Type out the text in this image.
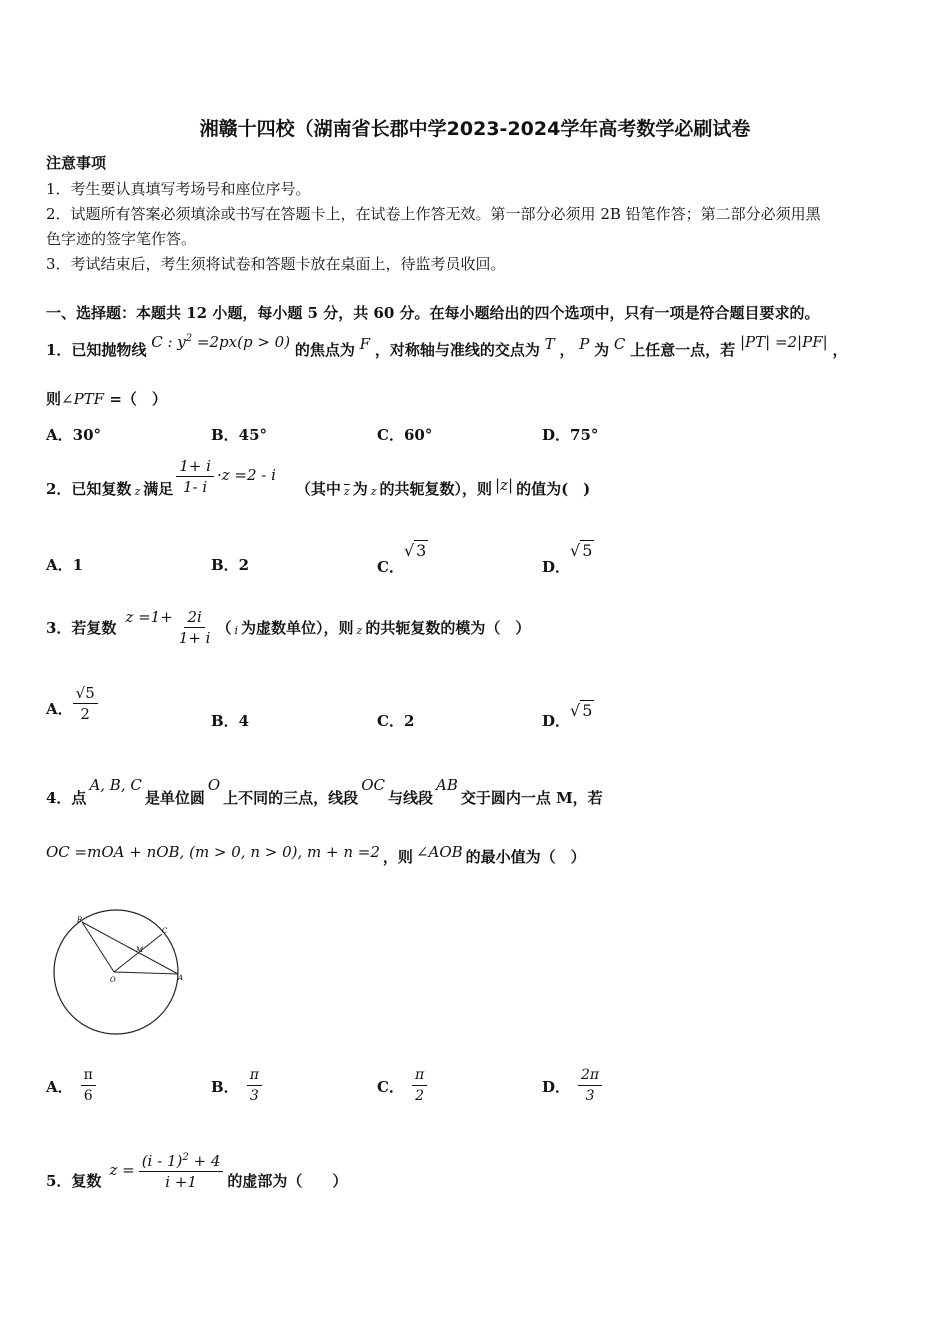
湘赣十四校（湖南省长郡中学2023-2024学年高考数学必刷试卷
注意事项
1．考生要认真填写考场号和座位序号。
2．试题所有答案必须填涂或书写在答题卡上，在试卷上作答无效。第一部分必须用 2B 铅笔作答；第二部分必须用黑
色字迹的签字笔作答。
3．考试结束后，考生须将试卷和答题卡放在桌面上，待监考员收回。
一、选择题：本题共 12 小题，每小题 5 分，共 60 分。在每小题给出的四个选项中，只有一项是符合题目要求的。
1．已知抛物线 C : $y^2 =2px(p > 0)$ 的焦点为 F ，对称轴与准线的交点为 T ， P 为 C 上任意一点，若 |PT| =2|PF| ，
则∠PTF =（　）
A．30°	B．45°	C．60°	D．75°
2．已知复数 z 满足 $\frac{1+ i}{1- i} \cdot z =2 - i$
（其中 $\overline{z}$ 为 z 的共轭复数），则 |z| 的值为(　)
A．1	B．2	C．√ 3
D．√ 5
3．若复数
$z =1+ \frac{2i}{1+ i}$ （ i 为虚数单位），则 z 的共轭复数的模为（　）
A． $\frac{√5}{2}$	B．4	C．2	D．√ 5
4．点
A, B, C
是单位圆
O
上不同的三点，线段
OC
与线段
AB
交于圆内一点 M，若
OC =mOA + nOB, (m > 0, n > 0), m + n =2 ，则 ∠AOB 的最小值为（　）
B
C
M
O	A
A． $\frac{\pi}{6}$	B． $\frac{\pi}{3}$	C． $\frac{\pi}{2}$	D． $\frac{2\pi}{3}$
5．复数
$z = \frac{(i - 1)^2 + 4}{i +1}$ 的虚部为（　　）
